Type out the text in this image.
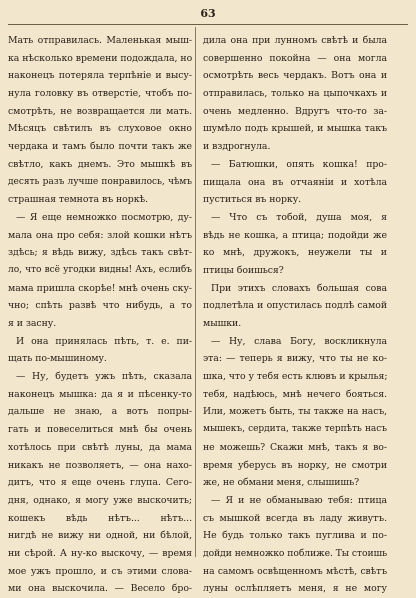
63
Мать отправилась. Маленькая мыш-
ка нѣсколько времени подождала, но
наконецъ потеряла терпѣніе и высу-
нула головку въ отверстіе, чтобъ по-
смотрѣть, не возвращается ли мать.
Мѣсяцъ свѣтилъ въ слуховое окно
чердака и тамъ было почти такъ же
свѣтло, какъ днемъ. Это мышкѣ въ
десять разъ лучше понравилось, чѣмъ
страшная темнота въ норкѣ.
— Я еще немножко посмотрю, ду-
мала она про себя: злой кошки нѣтъ
здѣсь; я вѣдь вижу, здѣсь такъ свѣт-
ло, что всё угодки видны! Ахъ, еслибъ
мама пришла скорѣе! мнѣ очень ску-
чно; спѣть развѣ что нибудь, а то
я и засну.
И она принялась пѣть, т. е. пи-
щать по-мышиному.
— Ну, будетъ ужъ пѣть, сказала
наконецъ мышка: да я и пѣсенку-то
дальше не знаю, а вотъ попры-
гать и повеселиться мнѣ бы очень
хотѣлось при свѣтѣ луны, да мама
никакъ не позволяетъ, — она нахо-
дитъ, что я еще очень глупа. Сего-
дня, однако, я могу уже выскочить;
кошекъ вѣдь нѣтъ... нѣтъ...
нигдѣ не вижу ни одной, ни бѣлой,
ни сѣрой. А ну-ко выскочу, — время
мое ужъ прошло, и съ этими слова-
ми она выскочила. — Весело бро-
дила она при лунномъ свѣтѣ и была
совершенно покойна — она могла
осмотрѣть весь чердакъ. Вотъ она и
отправилась, только на цыпочкахъ и
очень медленно. Вдругъ что-то за-
шумѣло подъ крышей, и мышка такъ
и вздрогнула.
— Батюшки, опять кошка! про-
пищала она въ отчаяніи и хотѣла
пуститься въ норку.
— Что съ тобой, душа моя, я
вѣдь не кошка, а птица; подойди же
ко мнѣ, дружокъ, неужели ты и
птицы боишься?
При этихъ словахъ большая сова
подлетѣла и опустилась подлѣ самой
мышки.
— Ну, слава Богу, воскликнула
эта: — теперь я вижу, что ты не ко-
шка, что у тебя есть клювъ и крылья;
тебя, надѣюсь, мнѣ нечего бояться.
Или, можетъ быть, ты также на насъ,
мышекъ, сердита, также терпѣть насъ
не можешь? Скажи мнѣ, такъ я во-
время уберусь въ норку, не смотри
же, не обмани меня, слышишь?
— Я и не обманываю тебя: птица
съ мышкой всегда въ ладу живутъ.
Не будь только такъ пуглива и по-
дойди немножко поближе. Ты стоишь
на самомъ освѣщенномъ мѣстѣ, свѣтъ
луны ослѣпляетъ меня, я не могу
